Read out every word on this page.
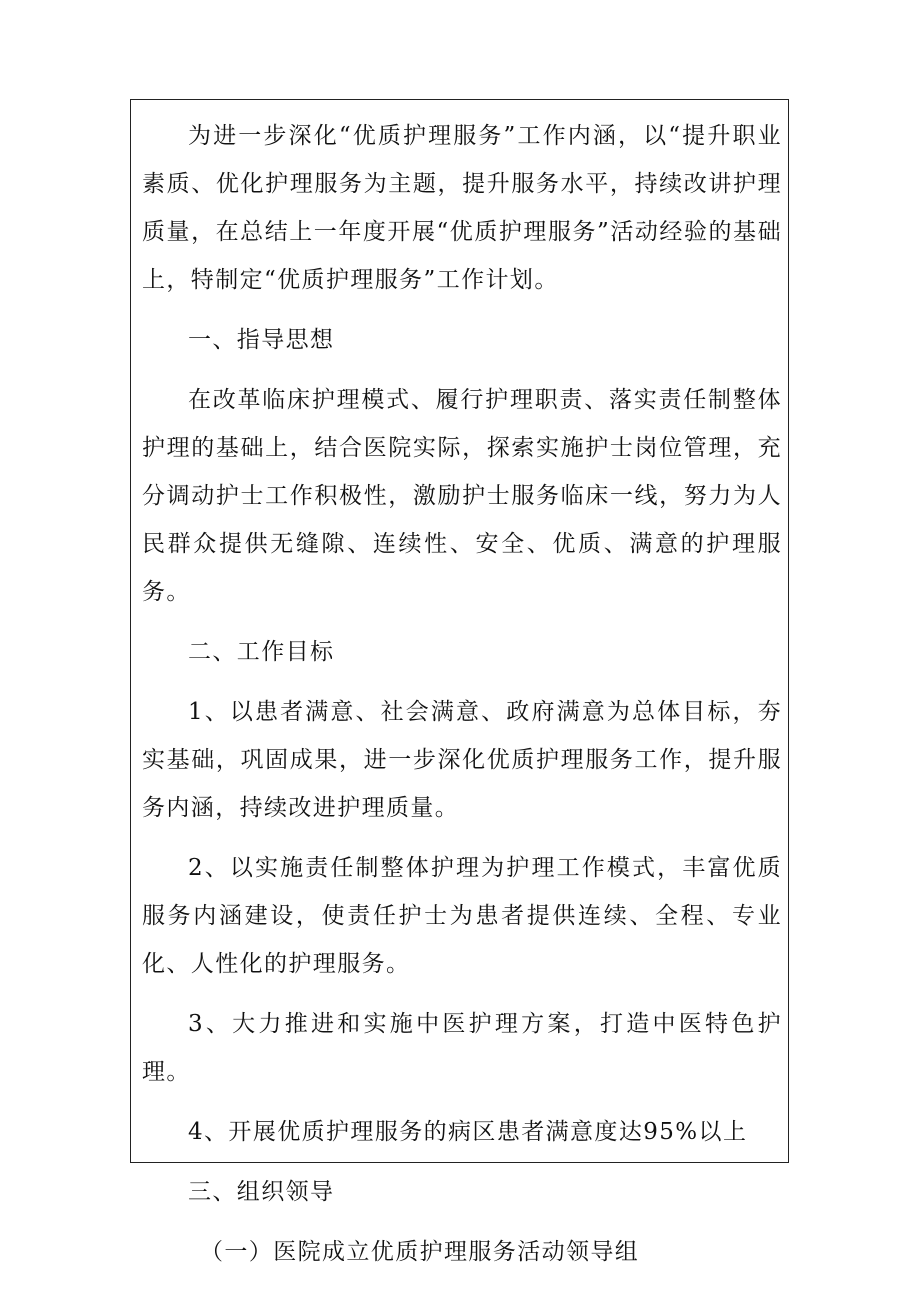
为进一步深化“优质护理服务”工作内涵，以“提升职业素质、优化护理服务为主题，提升服务水平，持续改讲护理质量，在总结上一年度开展“优质护理服务”活动经验的基础上，特制定“优质护理服务”工作计划。

一、指导思想

在改革临床护理模式、履行护理职责、落实责任制整体护理的基础上，结合医院实际，探索实施护士岗位管理，充分调动护士工作积极性，激励护士服务临床一线，努力为人民群众提供无缝隙、连续性、安全、优质、满意的护理服务。

二、工作目标

1、以患者满意、社会满意、政府满意为总体目标，夯实基础，巩固成果，进一步深化优质护理服务工作，提升服务内涵，持续改进护理质量。

2、以实施责任制整体护理为护理工作模式，丰富优质服务内涵建设，使责任护士为患者提供连续、全程、专业化、人性化的护理服务。

3、大力推进和实施中医护理方案，打造中医特色护理。

4、开展优质护理服务的病区患者满意度达95%以上

三、组织领导

（一）医院成立优质护理服务活动领导组
